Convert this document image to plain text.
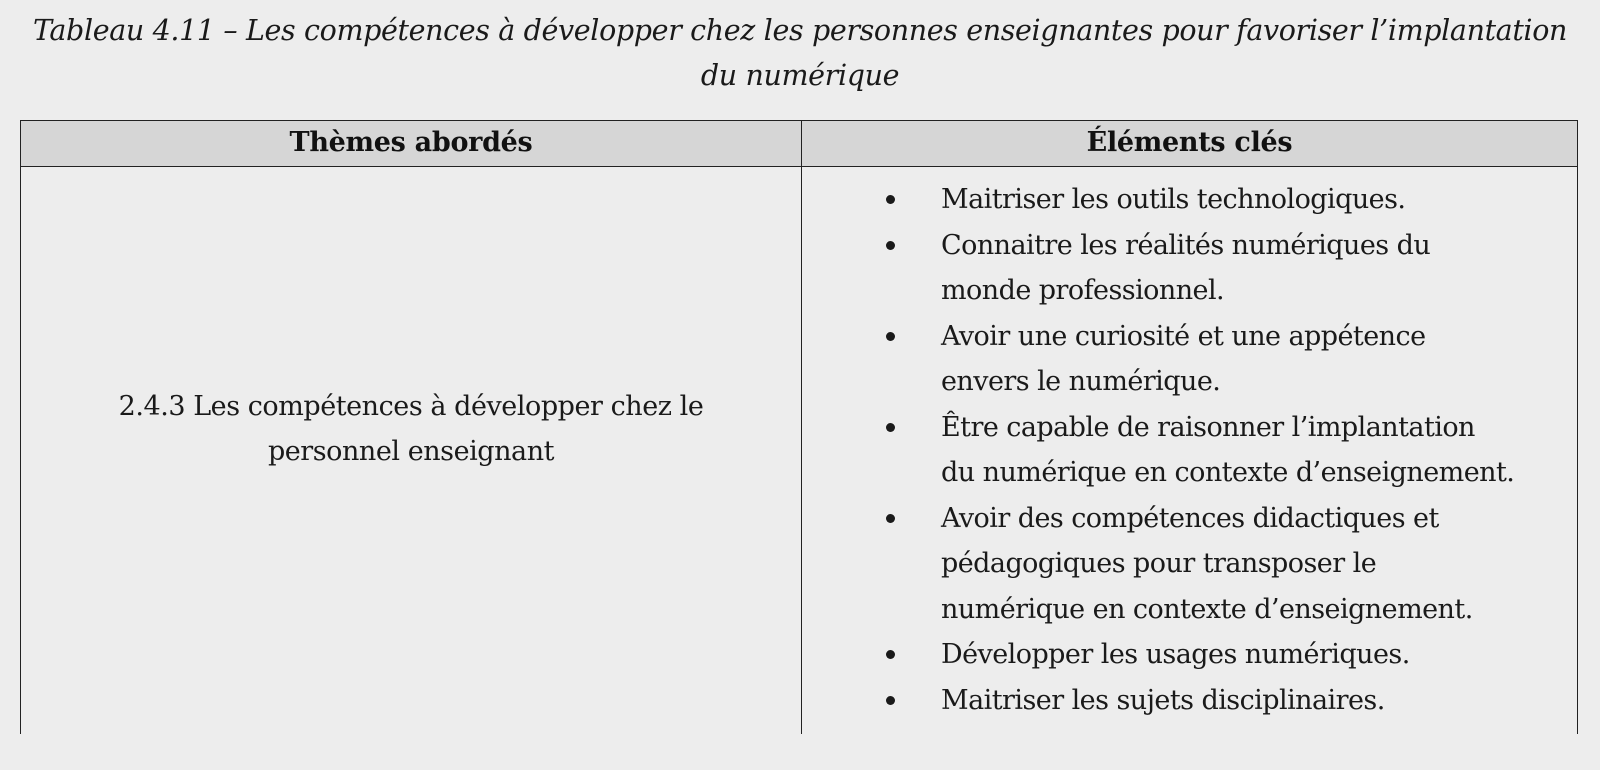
Tableau 4.11 – Les compétences à développer chez les personnes enseignantes pour favoriser l’implantation
du numérique
Thèmes abordés	Éléments clés
2.4.3 Les compétences à développer chez le
personnel enseignant
Maitriser les outils technologiques.
Connaitre les réalités numériques du
monde professionnel.
Avoir une curiosité et une appétence
envers le numérique.
Être capable de raisonner l’implantation
du numérique en contexte d’enseignement.
Avoir des compétences didactiques et
pédagogiques pour transposer le
numérique en contexte d’enseignement.
Développer les usages numériques.
Maitriser les sujets disciplinaires.
